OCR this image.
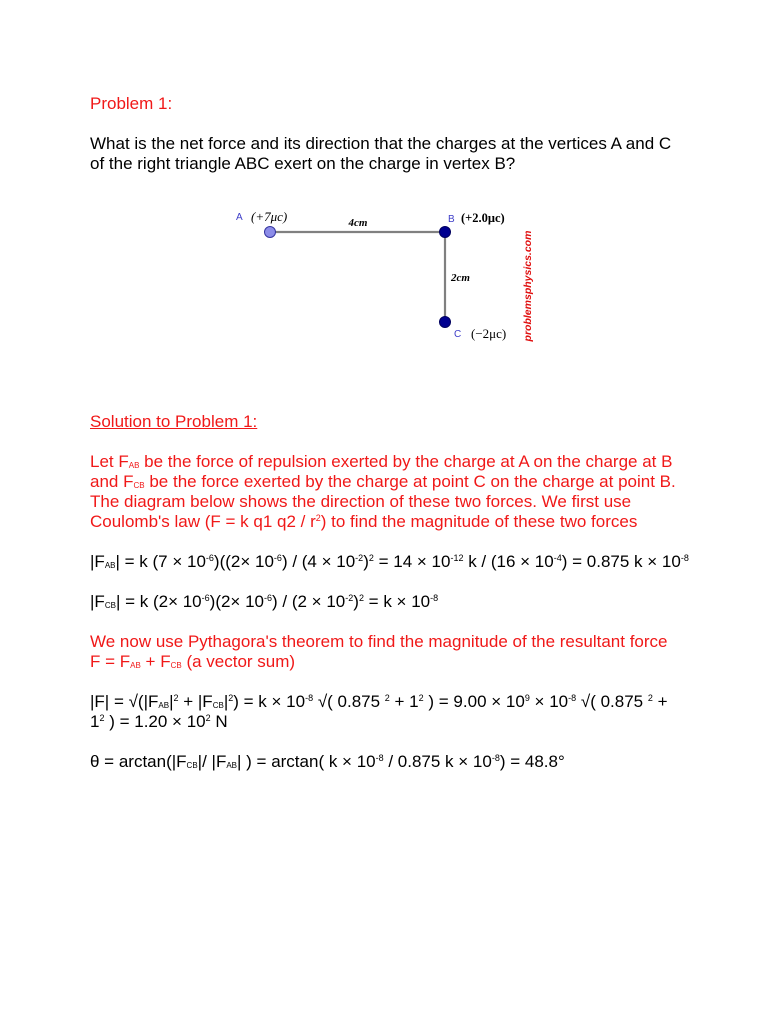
Problem 1:
What is the net force and its direction that the charges at the vertices A and C
of the right triangle ABC exert on the charge in vertex B?
A (+7μc)	4cm	B (+2.0μc)
2cm
C (−2μc) problemsphysics.com
Solution to Problem 1:
Let $F_{AB}$ be the force of repulsion exerted by the charge at A on the charge at B
and $F_{CB}$ be the force exerted by the charge at point C on the charge at point B.
The diagram below shows the direction of these two forces. We first use
Coulomb's law (F = k q1 $q2 / r^2$) to find the magnitude of these two forces
$|F_{AB}| = k$ $(7 \times 10^{-6})((2\times 10^{-6}) / (4 \times 10^{-2})^2 = 14 \times 10^{-12}$ $k / (16 \times 10^{-4}) = 0.875$ $k \times 10^{-8}$
$|F_{CB}| = k$ $(2\times 10^{-6})(2\times 10^{-6}) / (2 \times 10^{-2})^2 = k \times 10^{-8}$
We now use Pythagora's theorem to find the magnitude of the resultant force
$F = F_{AB} + F_{CB}$ (a vector sum)
$|F| = √(|F_{AB}|^2 + |F_{CB}|^2) = k \times 10^{-8}$ √( 0.875 $^2 + 1^2$ ) = $9.00 \times 10^9 \times 10^{-8}$ √( 0.875 $^2$ +
$1^2$ ) = $1.20 \times 10^2$ N
$\theta = \arctan(|F_{CB}|/$ $|F_{AB}|$ ) = arctan( $k \times 10^{-8} / 0.875$ $k \times 10^{-8}) = 48.8^\circ$
